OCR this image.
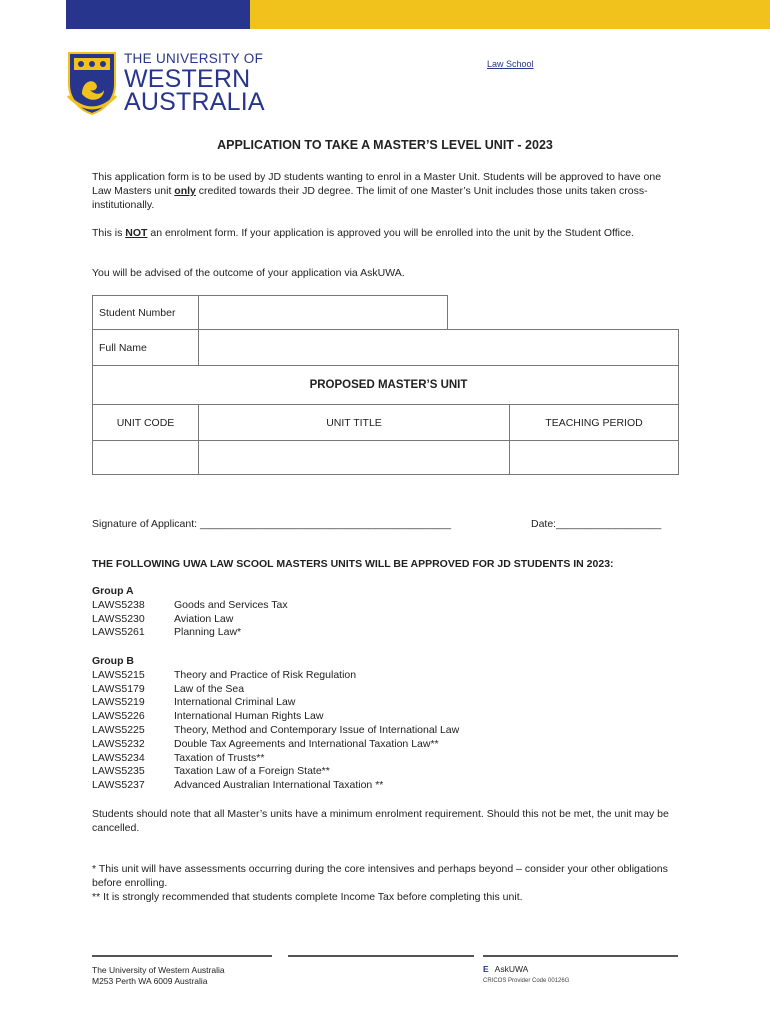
THE UNIVERSITY OF
WESTERN
AUSTRALIA
Law School
APPLICATION TO TAKE A MASTER’S LEVEL UNIT - 2023
This application form is to be used by JD students wanting to enrol in a Master Unit. Students will be approved to have one Law Masters unit only credited towards their JD degree. The limit of one Master’s Unit includes those units taken cross-institutionally.
This is NOT an enrolment form. If your application is approved you will be enrolled into the unit by the Student Office.
You will be advised of the outcome of your application via AskUWA.
Student Number
Full Name
PROPOSED MASTER’S UNIT
UNIT CODE	UNIT TITLE	TEACHING PERIOD
Signature of Applicant: ___________________________________________	Date:__________________
THE FOLLOWING UWA LAW SCOOL MASTERS UNITS WILL BE APPROVED FOR JD STUDENTS IN 2023:
Group A
LAWS5238	Goods and Services Tax
LAWS5230	Aviation Law
LAWS5261	Planning Law*
Group B
LAWS5215	Theory and Practice of Risk Regulation
LAWS5179	Law of the Sea
LAWS5219	International Criminal Law
LAWS5226	International Human Rights Law
LAWS5225	Theory, Method and Contemporary Issue of International Law
LAWS5232	Double Tax Agreements and International Taxation Law**
LAWS5234	Taxation of Trusts**
LAWS5235	Taxation Law of a Foreign State**
LAWS5237	Advanced Australian International Taxation **
Students should note that all Master’s units have a minimum enrolment requirement. Should this not be met, the unit may be cancelled.
* This unit will have assessments occurring during the core intensives and perhaps beyond – consider your other obligations before enrolling.
** It is strongly recommended that students complete Income Tax before completing this unit.
The University of Western Australia
M253 Perth WA 6009 Australia
E AskUWA
CRICOS Provider Code 00126G
